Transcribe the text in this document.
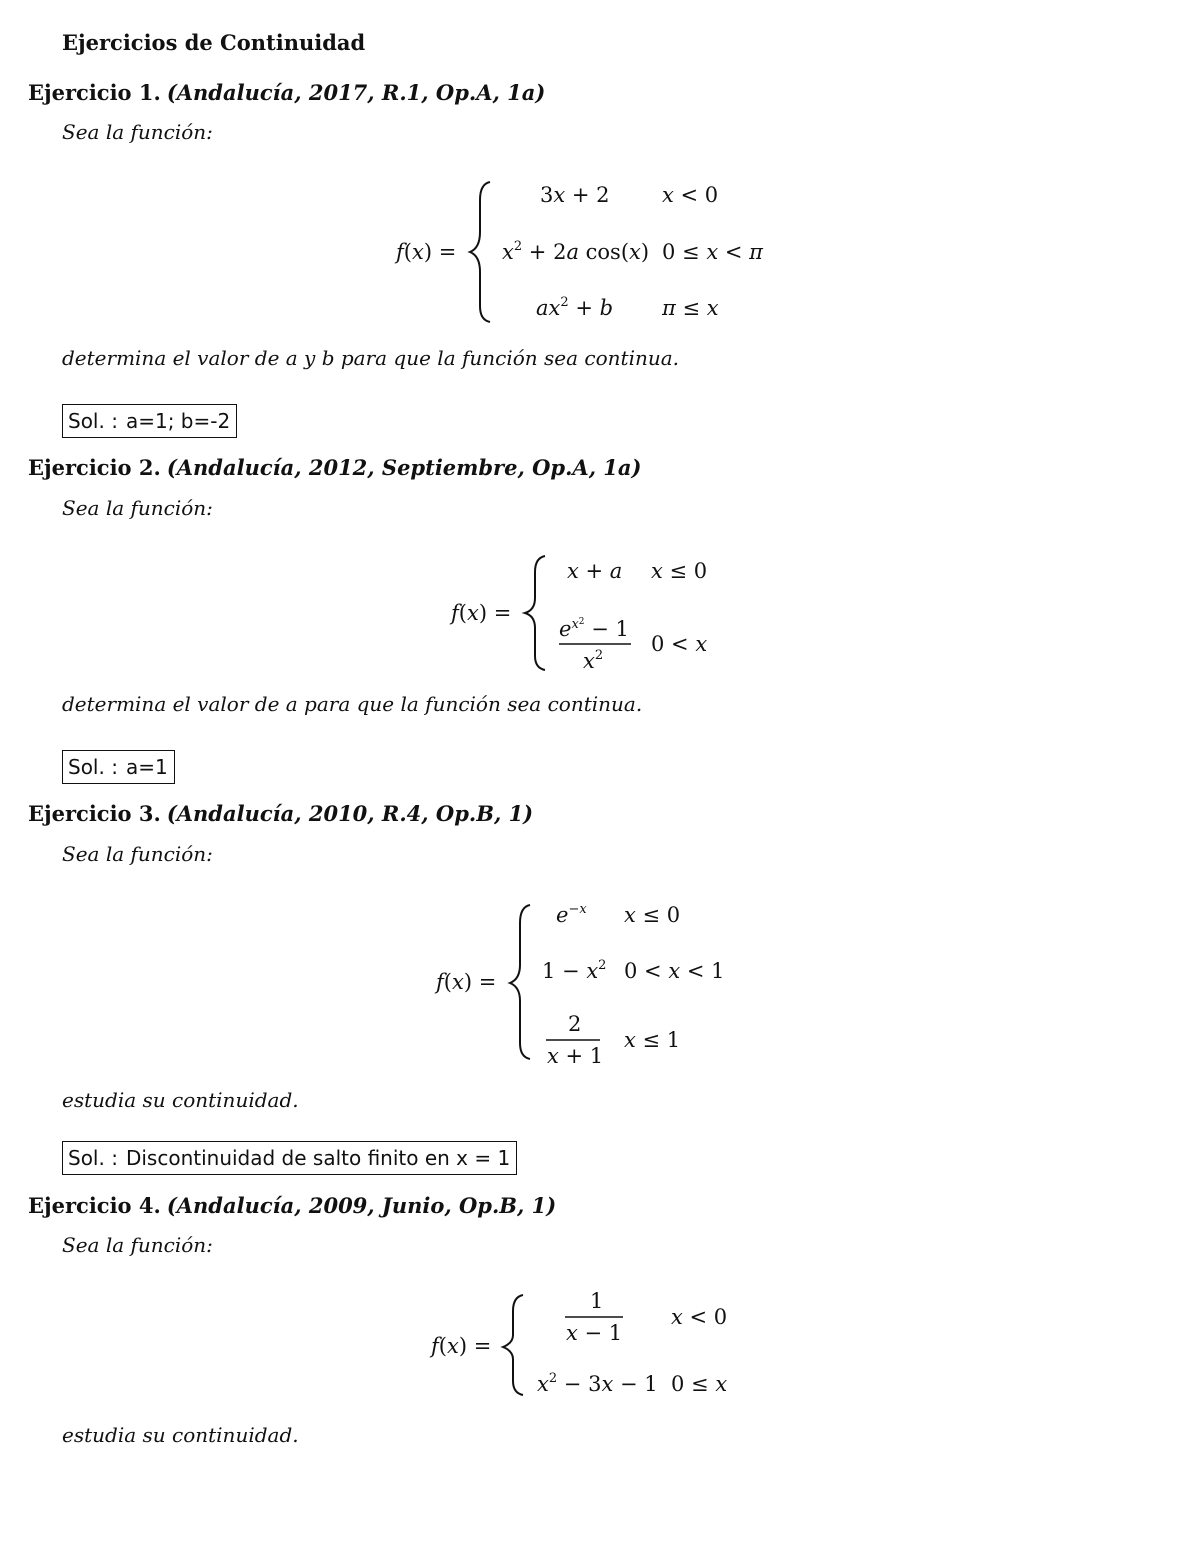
Ejercicios de Continuidad
Ejercicio 1. (Andalucía, 2017, R.1, Op.A, 1a)
Sea la función:
f(x) =
3x + 2 x < 0
$x^2 + 2a$ cos(x) 0 ≤ x < π
$ax^2 + b$ π ≤ x
determina el valor de a y b para que la función sea continua.
Sol. : a=1; b=-2
Ejercicio 2. (Andalucía, 2012, Septiembre, Op.A, 1a)
Sea la función:
f(x) =
x + a x ≤ 0
$e^x2 - 1$
$x^2$ 0 < x
determina el valor de a para que la función sea continua.
Sol. : a=1
Ejercicio 3. (Andalucía, 2010, R.4, Op.B, 1)
Sea la función:
f(x) =
e−x x ≤ 0
$1 - x^2$ 0 < x < 1
2
x + 1
x ≤ 1
estudia su continuidad.
Sol. : Discontinuidad de salto finito en x = 1
Ejercicio 4. (Andalucía, 2009, Junio, Op.B, 1)
Sea la función:
f(x) =
1
x − 1
x < 0
$x^2 - 3x - 1$ 0 ≤ x
estudia su continuidad.
